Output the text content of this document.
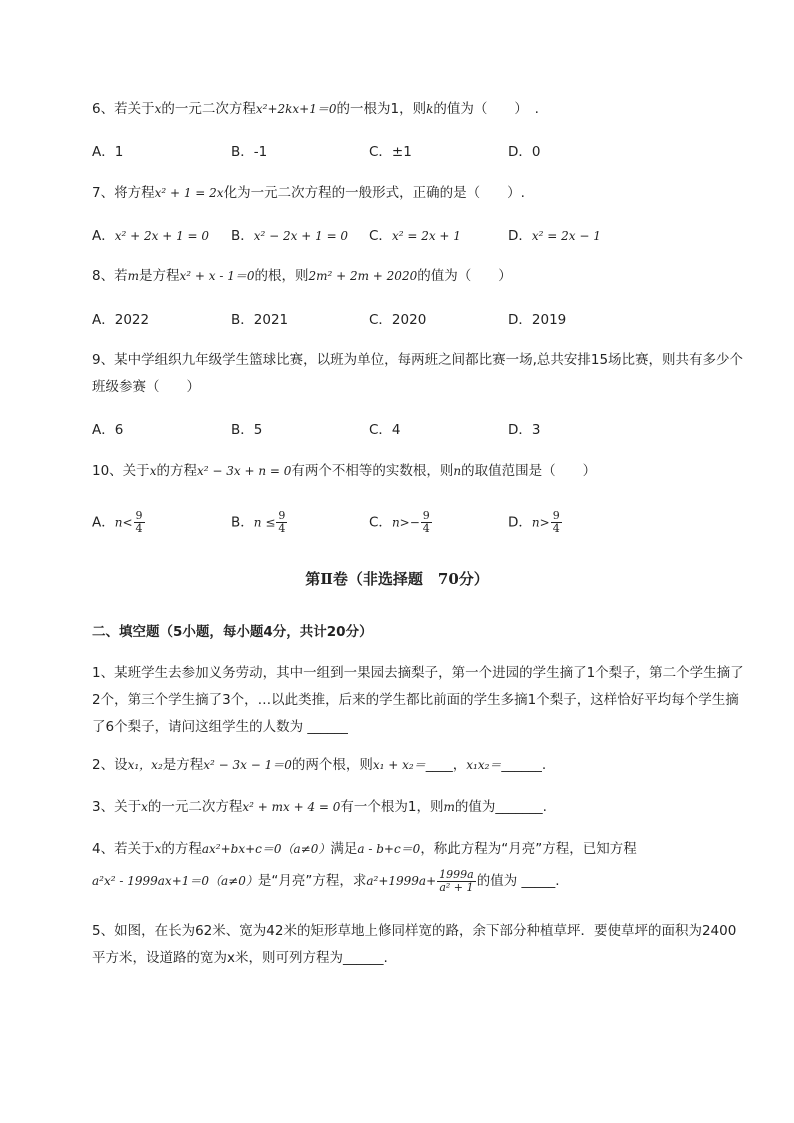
6、若关于x的一元二次方程x²+2kx+1＝0的一根为1，则k的值为（　　）　.
A．1	B．-1	C．±1	D．0
7、将方程x² + 1 = 2x化为一元二次方程的一般形式，正确的是（　　）.
A．x² + 2x + 1 = 0 B．x² − 2x + 1 = 0 C．x² = 2x + 1	D．x² = 2x − 1
8、若m是方程x² + x - 1＝0的根，则2m² + 2m + 2020的值为（　　）
A．2022	B．2021	C．2020	D．2019
9、某中学组织九年级学生篮球比赛，以班为单位，每两班之间都比赛一场,总共安排15场比赛，则共有多少个班级参赛（　　）
A．6	B．5	C．4	D．3
10、关于x的方程x² − 3x + n = 0有两个不相等的实数根，则n的取值范围是（　　）
A．$n< \frac{9}{4}$	B．$n \le \frac{9}{4}$	C．$n>- \frac{9}{4}$	D．$n> \frac{9}{4}$
第Ⅱ卷（非选择题　70分）
二、填空题（5小题，每小题4分，共计20分）
1、某班学生去参加义务劳动，其中一组到一果园去摘梨子，第一个进园的学生摘了1个梨子，第二个学生摘了2个，第三个学生摘了3个，…以此类推，后来的学生都比前面的学生多摘1个梨子，这样恰好平均每个学生摘了6个梨子，请问这组学生的人数为 ______
2、设x₁，x₂是方程x² − 3x − 1＝0的两个根，则x₁ + x₂＝____，x₁x₂＝______.
3、关于x的一元二次方程x² + mx + 4 = 0有一个根为1，则m的值为_______.
4、若关于x的方程ax²+bx+c＝0（a≠0）满足a - b+c＝0，称此方程为“月亮”方程，已知方程
a²x² - 1999ax+1＝0（a≠0）是“月亮”方程，求$a^2+1999a+ \frac{1999a}{\text{a² + 1}}$ 的值为 _____.
5、如图，在长为62米、宽为42米的矩形草地上修同样宽的路，余下部分种植草坪．要使草坪的面积为2400平方米，设道路的宽为x米，则可列方程为______.
